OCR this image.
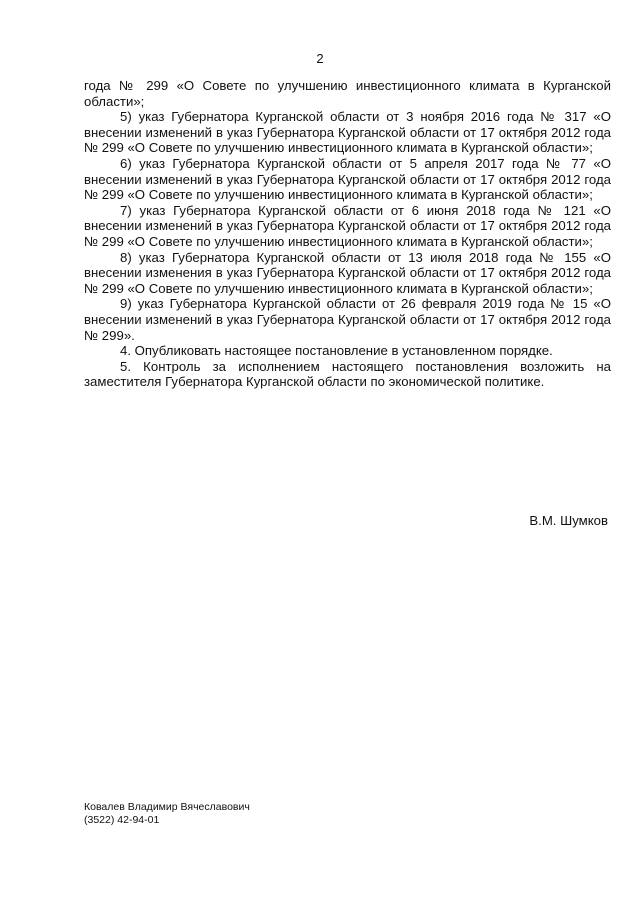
2

года № 299 «О Совете по улучшению инвестиционного климата в Курганской области»;

5) указ Губернатора Курганской области от 3 ноября 2016 года № 317 «О внесении изменений в указ Губернатора Курганской области от 17 октября 2012 года № 299 «О Совете по улучшению инвестиционного климата в Курганской области»;

6) указ Губернатора Курганской области от 5 апреля 2017 года № 77 «О внесении изменений в указ Губернатора Курганской области от 17 октября 2012 года № 299 «О Совете по улучшению инвестиционного климата в Курганской области»;

7) указ Губернатора Курганской области от 6 июня 2018 года № 121 «О внесении изменений в указ Губернатора Курганской области от 17 октября 2012 года № 299 «О Совете по улучшению инвестиционного климата в Курганской области»;

8) указ Губернатора Курганской области от 13 июля 2018 года № 155 «О внесении изменения в указ Губернатора Курганской области от 17 октября 2012 года № 299 «О Совете по улучшению инвестиционного климата в Курганской области»;

9) указ Губернатора Курганской области от 26 февраля 2019 года № 15 «О внесении изменений в указ Губернатора Курганской области от 17 октября 2012 года № 299».

4. Опубликовать настоящее постановление в установленном порядке.

5. Контроль за исполнением настоящего постановления возложить на заместителя Губернатора Курганской области по экономической политике.

В.М. Шумков
Ковалев Владимир Вячеславович
(3522) 42-94-01
